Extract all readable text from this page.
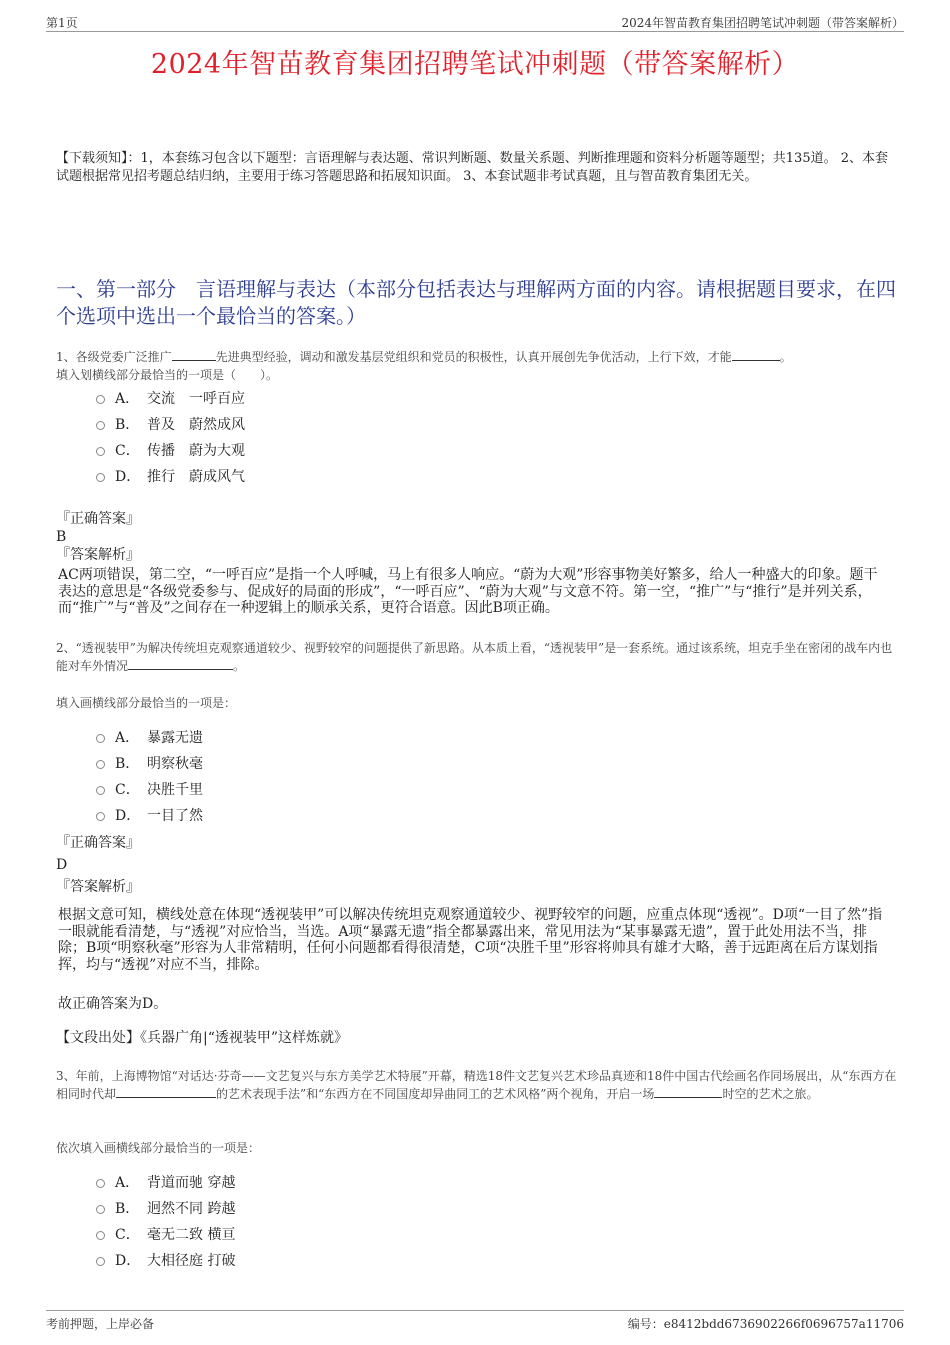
第1页	2024年智苗教育集团招聘笔试冲刺题（带答案解析）
2024年智苗教育集团招聘笔试冲刺题（带答案解析）
【下载须知】：1，本套练习包含以下题型：言语理解与表达题、常识判断题、数量关系题、判断推理题和资料分析题等题型；共135道。 2、本套试题根据常见招考题总结归纳，主要用于练习答题思路和拓展知识面。 3、本套试题非考试真题，且与智苗教育集团无关。
一、第一部分　言语理解与表达（本部分包括表达与理解两方面的内容。请根据题目要求，在四个选项中选出一个最恰当的答案。）
1、各级党委广泛推广	先进典型经验，调动和激发基层党组织和党员的积极性，认真开展创先争优活动，上行下效，才能	。
填入划横线部分最恰当的一项是（　　）。
A． 交流　一呼百应
B． 普及　蔚然成风
C． 传播　蔚为大观
D． 推行　蔚成风气

『正确答案』

B

『答案解析』

AC两项错误，第二空，“一呼百应”是指一个人呼喊，马上有很多人响应。“蔚为大观”形容事物美好繁多，给人一种盛大的印象。题干表达的意思是“各级党委参与、促成好的局面的形成”，“一呼百应”、“蔚为大观”与文意不符。第一空，“推广”与“推行”是并列关系，而“推广”与“普及”之间存在一种逻辑上的顺承关系，更符合语意。因此B项正确。
2、“透视装甲”为解决传统坦克观察通道较少、视野较窄的问题提供了新思路。从本质上看，“透视装甲”是一套系统。通过该系统，坦克手坐在密闭的战车内也能对车外情况	。
填入画横线部分最恰当的一项是：
A． 暴露无遗
B． 明察秋毫
C． 决胜千里
D． 一目了然

『正确答案』

D

『答案解析』

根据文意可知，横线处意在体现“透视装甲”可以解决传统坦克观察通道较少、视野较窄的问题，应重点体现“透视”。D项“一目了然”指一眼就能看清楚，与“透视”对应恰当，当选。A项“暴露无遗”指全都暴露出来，常见用法为“某事暴露无遗”，置于此处用法不当，排除；B项“明察秋毫”形容为人非常精明，任何小问题都看得很清楚，C项“决胜千里”形容将帅具有雄才大略，善于远距离在后方谋划指挥，均与“透视”对应不当，排除。
故正确答案为D。
【文段出处】《兵器广角|“透视装甲”这样炼就》
3、年前，上海博物馆“对话达·芬奇——文艺复兴与东方美学艺术特展”开幕，精选18件文艺复兴艺术珍品真迹和18件中国古代绘画名作同场展出，从“东西方在相同时代却	的艺术表现手法”和“东西方在不同国度却异曲同工的艺术风格”两个视角，开启一场	时空的艺术之旅。
依次填入画横线部分最恰当的一项是：
A． 背道而驰 穿越
B． 迥然不同 跨越
C． 毫无二致 横亘
D． 大相径庭 打破
考前押题，上岸必备	编号：e8412bdd6736902266f0696757a11706
